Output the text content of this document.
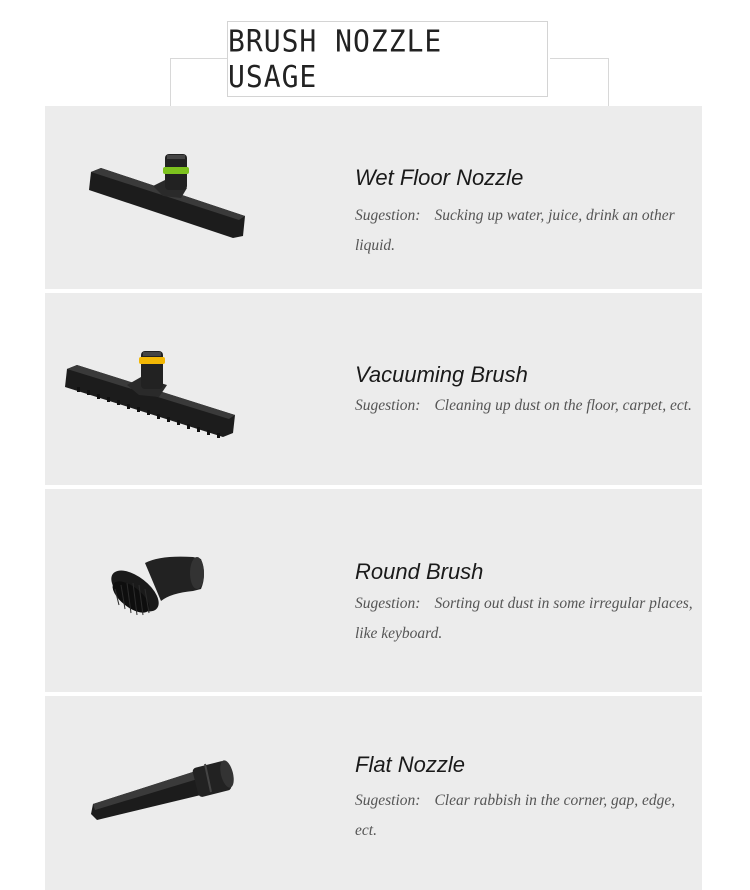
BRUSH NOZZLE USAGE
Wet Floor Nozzle
Sugestion: Sucking up water, juice, drink an other liquid.
Vacuuming Brush
Sugestion: Cleaning up dust on the floor, carpet, ect.
Round Brush
Sugestion: Sorting out dust in some irregular places, like keyboard.
Flat Nozzle
Sugestion: Clear rabbish in the corner, gap, edge, ect.
